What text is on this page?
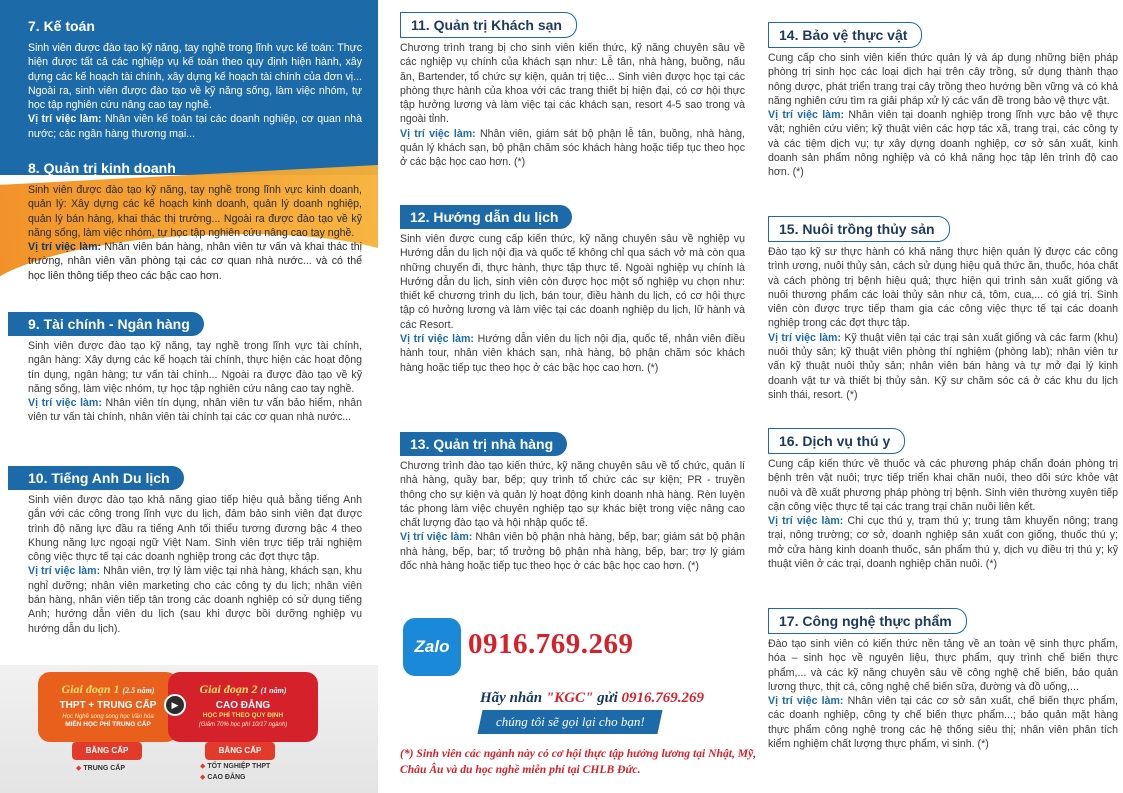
7. Kế toán
Sinh viên được đào tạo kỹ năng, tay nghề trong lĩnh vực kế toán: Thực hiện được tất cả các nghiệp vụ kế toán theo quy định hiện hành, xây dựng các kế hoạch tài chính, xây dựng kế hoạch tài chính của đơn vị... Ngoài ra, sinh viên được đào tạo về kỹ năng sống, làm việc nhóm, tự học tập nghiên cứu nâng cao tay nghề.
Vị trí việc làm: Nhân viên kế toán tại các doanh nghiệp, cơ quan nhà nước; các ngân hàng thương mại...
8. Quản trị kinh doanh
Sinh viên được đào tạo kỹ năng, tay nghề trong lĩnh vực kinh doanh, quản lý: Xây dựng các kế hoạch kinh doanh, quản lý doanh nghiệp, quản lý bán hàng, khai thác thị trường... Ngoài ra được đào tạo về kỹ năng sống, làm việc nhóm, tự học tập nghiên cứu nâng cao tay nghề.
Vị trí việc làm: Nhân viên bán hàng, nhân viên tư vấn và khai thác thị trường, nhân viên văn phòng tại các cơ quan nhà nước... và có thể học liên thông tiếp theo các bậc cao hơn.
9. Tài chính - Ngân hàng
Sinh viên được đào tạo kỹ năng, tay nghề trong lĩnh vực tài chính, ngân hàng: Xây dựng các kế hoạch tài chính, thực hiện các hoạt động tín dụng, ngân hàng; tư vấn tài chính... Ngoài ra được đào tạo về kỹ năng sống, làm việc nhóm, tự học tập nghiên cứu nâng cao tay nghề.
Vị trí việc làm: Nhân viên tín dụng, nhân viên tư vấn bảo hiểm, nhân viên tư vấn tài chính, nhân viên tài chính tại các cơ quan nhà nước...
10. Tiếng Anh Du lịch
Sinh viên được đào tạo khả năng giao tiếp hiệu quả bằng tiếng Anh gắn với các công trong lĩnh vực du lịch, đảm bảo sinh viên đạt được trình độ năng lực đầu ra tiếng Anh tối thiểu tương đương bậc 4 theo Khung năng lực ngoại ngữ Việt Nam. Sinh viên trực tiếp trải nghiệm công việc thực tế tại các doanh nghiệp trong các đợt thực tập.
Vị trí việc làm: Nhân viên, trợ lý làm việc tại nhà hàng, khách sạn, khu nghỉ dưỡng; nhân viên marketing cho các công ty du lịch; nhân viên bán hàng, nhân viên tiếp tân trong các doanh nghiệp có sử dụng tiếng Anh; hướng dẫn viên du lịch (sau khi được bồi dưỡng nghiệp vụ hướng dẫn du lịch).
Giai đoạn 1 (2.5 năm)
THPT + TRUNG CẤP
Học Nghề song song học Văn hóa
MIỄN HỌC PHÍ TRUNG CẤP
Giai đoạn 2 (1 năm)
CAO ĐẲNG
HỌC PHÍ THEO QUY ĐỊNH
(Giảm 70% học phí 10/17 ngành)
▶
BẰNG CẤP
◆ TRUNG CẤP
BẰNG CẤP
◆ TỐT NGHIỆP THPT
◆ CAO ĐẲNG
11. Quản trị Khách sạn
Chương trình trang bị cho sinh viên kiến thức, kỹ năng chuyên sâu về các nghiệp vụ chính của khách sạn như: Lễ tân, nhà hàng, buồng, nấu ăn, Bartender, tổ chức sự kiện, quản trị tiệc... Sinh viên được học tại các phòng thực hành của khoa với các trang thiết bị hiện đại, có cơ hội thực tập hưởng lương và làm việc tại các khách sạn, resort 4-5 sao trong và ngoài tỉnh.
Vị trí việc làm: Nhân viên, giám sát bộ phận lễ tân, buồng, nhà hàng, quản lý khách sạn, bộ phận chăm sóc khách hàng hoặc tiếp tục theo học ở các bậc học cao hơn. (*)
12. Hướng dẫn du lịch
Sinh viên được cung cấp kiến thức, kỹ năng chuyên sâu về nghiệp vụ Hướng dẫn du lịch nội địa và quốc tế không chỉ qua sách vở mà còn qua những chuyến đi, thực hành, thực tập thực tế. Ngoài nghiệp vụ chính là Hướng dẫn du lịch, sinh viên còn được học một số nghiệp vụ chọn như: thiết kế chương trình du lịch, bán tour, điều hành du lịch, có cơ hội thực tập có hưởng lương và làm việc tại các doanh nghiệp du lịch, lữ hành và các Resort.
Vị trí việc làm: Hướng dẫn viên du lịch nội địa, quốc tế, nhân viên điều hành tour, nhân viên khách sạn, nhà hàng, bộ phận chăm sóc khách hàng hoặc tiếp tục theo học ở các bậc học cao hơn. (*)
13. Quản trị nhà hàng
Chương trình đào tạo kiến thức, kỹ năng chuyên sâu về tổ chức, quản lí nhà hàng, quầy bar, bếp; quy trình tổ chức các sự kiện; PR - truyền thông cho sự kiện và quản lý hoạt động kinh doanh nhà hàng. Rèn luyện tác phong làm việc chuyên nghiệp tạo sự khác biệt trong việc nâng cao chất lượng đào tạo và hội nhập quốc tế.
Vị trí việc làm: Nhân viên bộ phận nhà hàng, bếp, bar; giám sát bộ phận nhà hàng, bếp, bar; tổ trưởng bộ phận nhà hàng, bếp, bar; trợ lý giám đốc nhà hàng hoặc tiếp tục theo học ở các bậc học cao hơn. (*)
Zalo 0916.769.269
Hãy nhắn "KGC" gửi 0916.769.269
chúng tôi sẽ gọi lại cho bạn!
(*) Sinh viên các ngành này có cơ hội thực tập hưởng lương tại Nhật, Mỹ, Châu Âu và du học nghề miễn phí tại CHLB Đức.
14. Bảo vệ thực vật
Cung cấp cho sinh viên kiến thức quản lý và áp dụng những biện pháp phòng trị sinh học các loại dịch hại trên cây trồng, sử dụng thành thạo nông dược, phát triển trang trại cây trồng theo hướng bền vững và có khả năng nghiên cứu tìm ra giải pháp xử lý các vấn đề trong bảo vệ thực vật.
Vị trí việc làm: Nhân viên tại doanh nghiệp trong lĩnh vực bảo vệ thực vật; nghiên cứu viên; kỹ thuật viên các hợp tác xã, trang trại, các công ty và các tiệm dịch vụ; tự xây dựng doanh nghiệp, cơ sở sản xuất, kinh doanh sản phẩm nông nghiệp và có khả năng học tập lên trình độ cao hơn. (*)
15. Nuôi trồng thủy sản
Đào tạo kỹ sư thực hành có khả năng thực hiện quản lý được các công trình ương, nuôi thủy sản, cách sử dụng hiệu quả thức ăn, thuốc, hóa chất và cách phòng trị bệnh hiệu quả; thực hiện qui trình sản xuất giống và nuôi thương phẩm các loài thủy sản như cá, tôm, cua,... có giá trị. Sinh viên còn được trực tiếp tham gia các công việc thực tế tại các doanh nghiệp trong các đợt thực tập.
Vị trí việc làm: Kỹ thuật viên tại các trại sản xuất giống và các farm (khu) nuôi thủy sản; kỹ thuật viên phòng thí nghiệm (phòng lab); nhân viên tư vấn kỹ thuật nuôi thủy sản; nhân viên bán hàng và tự mở đại lý kinh doanh vật tư và thiết bị thủy sản. Kỹ sư chăm sóc cá ở các khu du lịch sinh thái, resort. (*)
16. Dịch vụ thú y
Cung cấp kiến thức về thuốc và các phương pháp chẩn đoán phòng trị bệnh trên vật nuôi; trực tiếp triển khai chăn nuôi, theo dõi sức khỏe vật nuôi và đề xuất phương pháp phòng trị bệnh. Sinh viên thường xuyên tiếp cận công việc thực tế tại các trang trại chăn nuôi liên kết.
Vị trí việc làm: Chi cục thú y, trạm thú y; trung tâm khuyến nông; trang trại, nông trường; cơ sở, doanh nghiệp sản xuất con giống, thuốc thú y; mở cửa hàng kinh doanh thuốc, sản phẩm thú y, dịch vụ điều trị thú y; kỹ thuật viên ở các trại, doanh nghiệp chăn nuôi. (*)
17. Công nghệ thực phẩm
Đào tạo sinh viên có kiến thức nền tảng về an toàn vệ sinh thực phẩm, hóa – sinh học về nguyên liệu, thực phẩm, quy trình chế biến thực phẩm,... và các kỹ năng chuyên sâu về công nghệ chế biến, bảo quản lương thực, thịt cá, công nghệ chế biến sữa, đường và đồ uống,...
Vị trí việc làm: Nhân viên tại các cơ sở sản xuất, chế biến thực phẩm, các doanh nghiệp, công ty chế biến thực phẩm...; bảo quản mặt hàng thực phẩm công nghệ trong các hệ thống siêu thị; nhân viên phân tích kiểm nghiệm chất lượng thực phẩm, vi sinh. (*)
